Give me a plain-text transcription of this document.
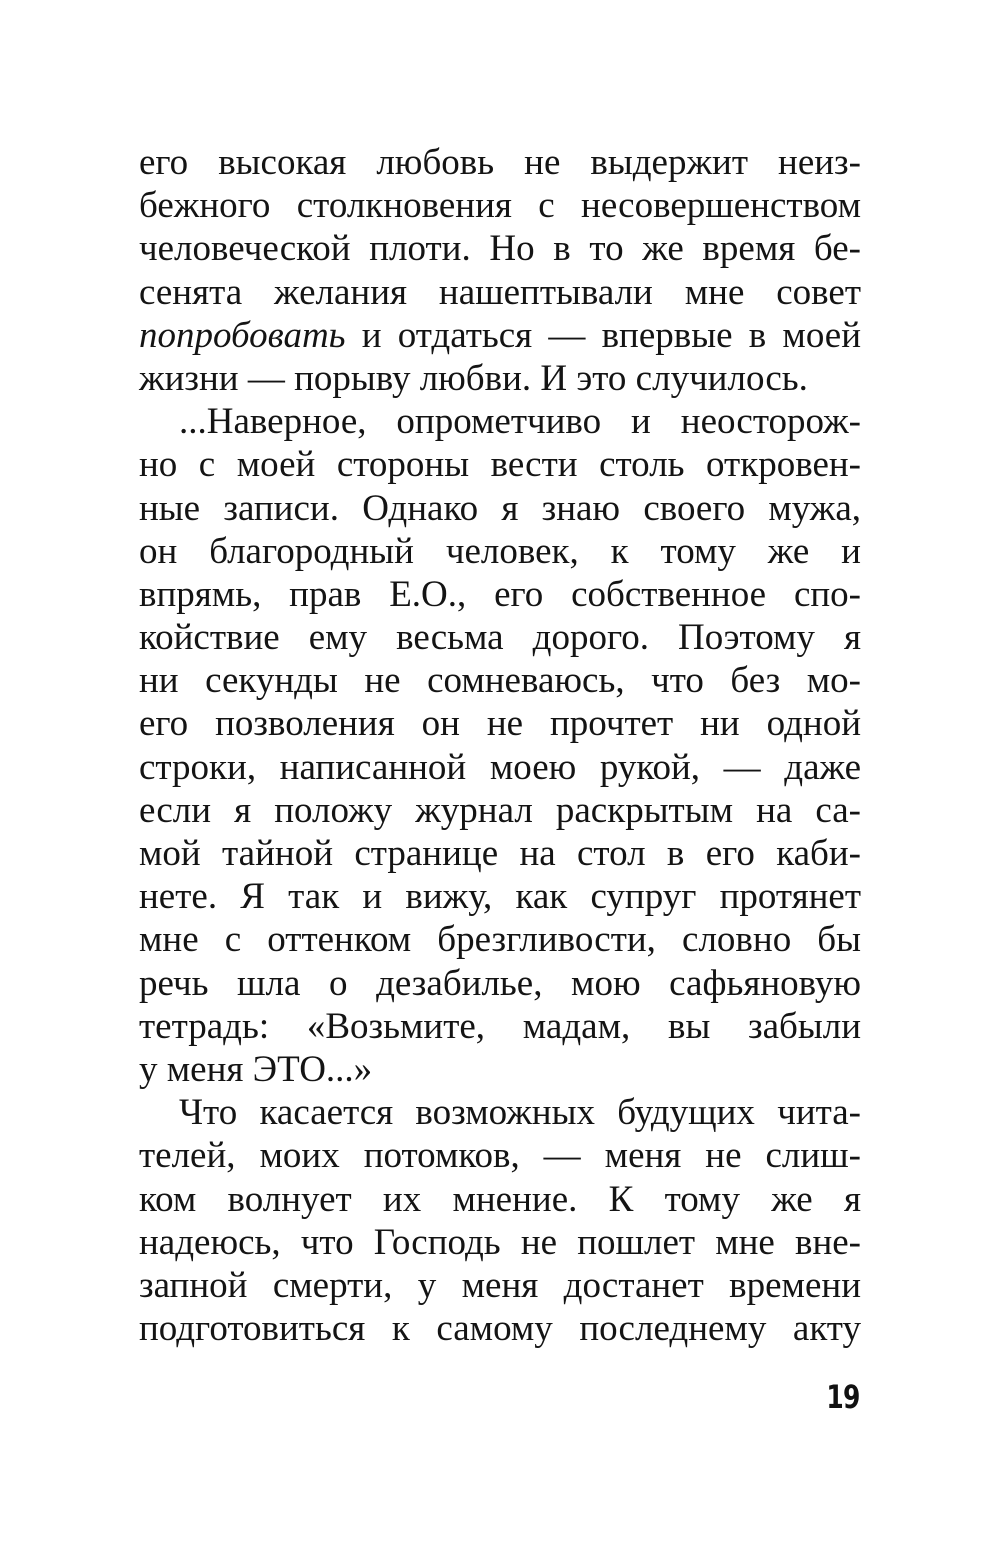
его высокая любовь не выдержит неиз-
бежного столкновения с несовершенством
человеческой плоти. Но в то же время бе-
сенята желания нашептывали мне совет
попробовать и отдаться — впервые в моей
жизни — порыву любви. И это случилось.
...Наверное, опрометчиво и неосторож-
но с моей стороны вести столь откровен-
ные записи. Однако я знаю своего мужа,
он благородный человек, к тому же и
впрямь, прав Е.О., его собственное спо-
койствие ему весьма дорого. Поэтому я
ни секунды не сомневаюсь, что без мо-
его позволения он не прочтет ни одной
строки, написанной моею рукой, — даже
если я положу журнал раскрытым на са-
мой тайной странице на стол в его каби-
нете. Я так и вижу, как супруг протянет
мне с оттенком брезгливости, словно бы
речь шла о дезабилье, мою сафьяновую
тетрадь: «Возьмите, мадам, вы забыли
у меня ЭТО...»
Что касается возможных будущих чита-
телей, моих потомков, — меня не слиш-
ком волнует их мнение. К тому же я
надеюсь, что Господь не пошлет мне вне-
запной смерти, у меня достанет времени
подготовиться к самому последнему акту
19
